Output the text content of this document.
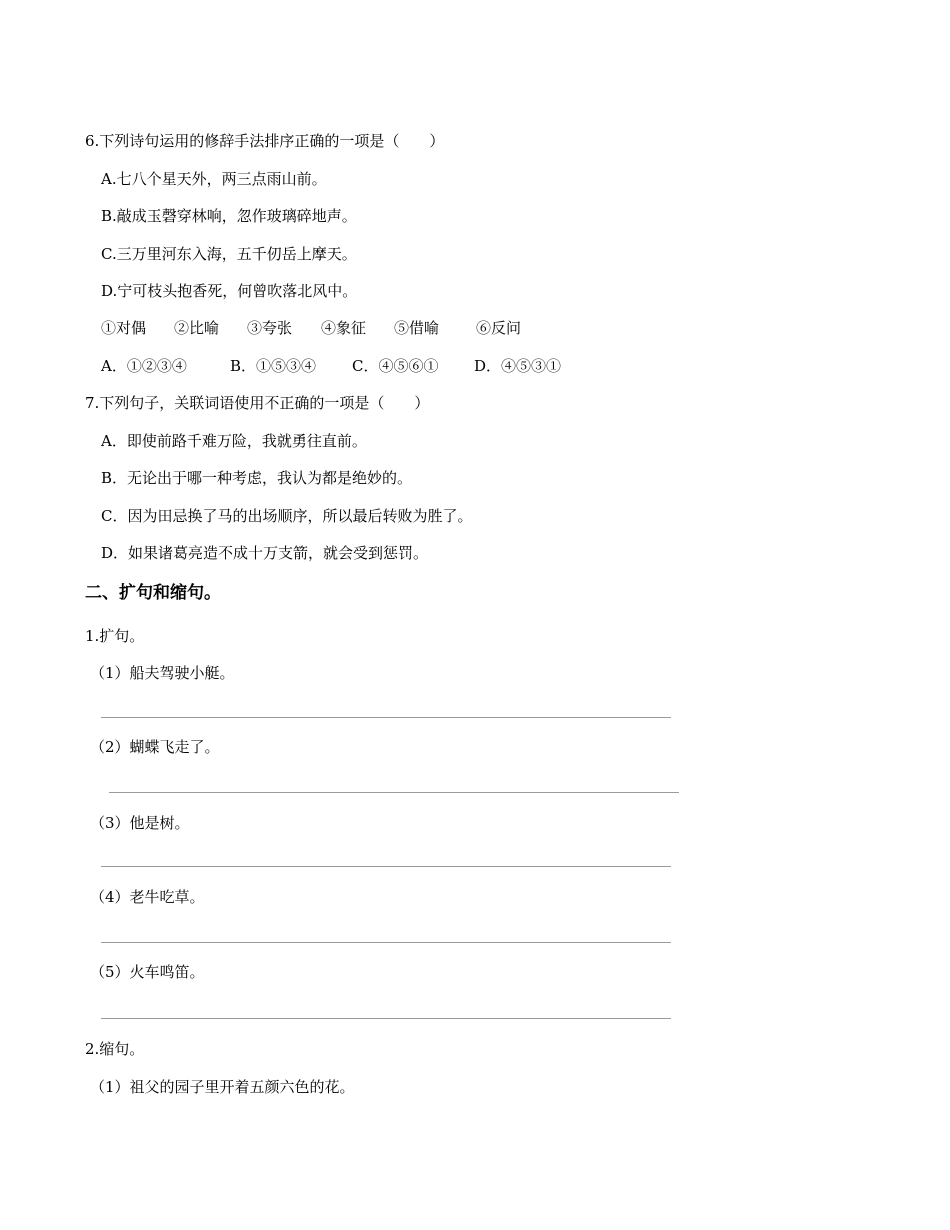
6.下列诗句运用的修辞手法排序正确的一项是（　　）
A.七八个星天外，两三点雨山前。
B.敲成玉磬穿林响，忽作玻璃碎地声。
C.三万里河东入海，五千仞岳上摩天。
D.宁可枝头抱香死，何曾吹落北风中。
①对偶 ②比喻 ③夸张 ④象征 ⑤借喻 ⑥反问
A．①②③④	B．①⑤③④ C．④⑤⑥① D．④⑤③①
7.下列句子，关联词语使用不正确的一项是（　　）
A．即使前路千难万险，我就勇往直前。
B．无论出于哪一种考虑，我认为都是绝妙的。
C．因为田忌换了马的出场顺序，所以最后转败为胜了。
D．如果诸葛亮造不成十万支箭，就会受到惩罚。
二、扩句和缩句。
1.扩句。
（1）船夫驾驶小艇。
（2）蝴蝶飞走了。
（3）他是树。
（4）老牛吃草。
（5）火车鸣笛。
2.缩句。
（1）祖父的园子里开着五颜六色的花。
